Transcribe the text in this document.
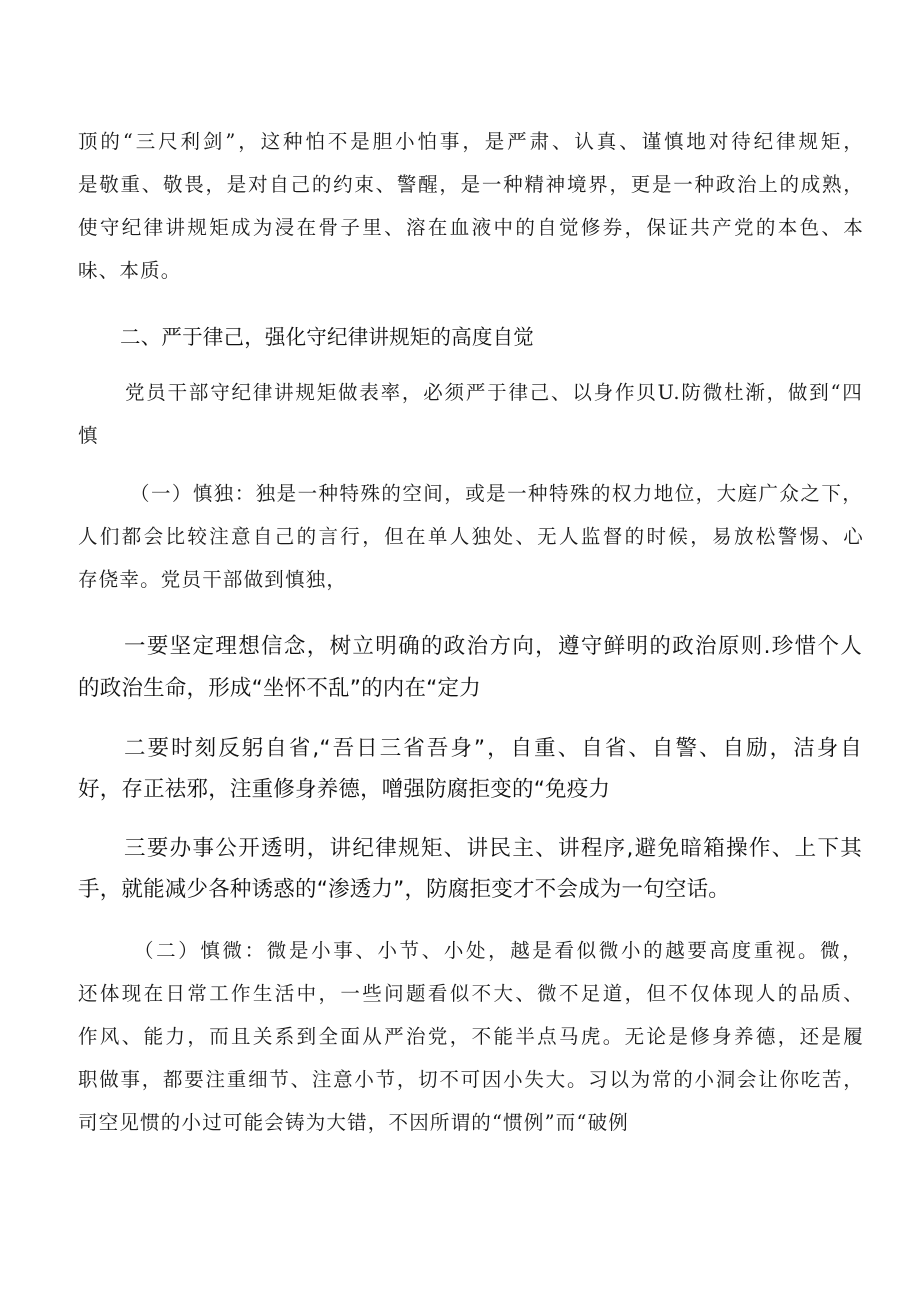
顶的“三尺利剑”，这种怕不是胆小怕事，是严肃、认真、谨慎地对待纪律规矩，
是敬重、敬畏，是对自己的约束、警醒，是一种精神境界，更是一种政治上的成熟，
使守纪律讲规矩成为浸在骨子里、溶在血液中的自觉修券，保证共产党的本色、本
味、本质。
二、严于律己，强化守纪律讲规矩的高度自觉
党员干部守纪律讲规矩做表率，必须严于律己、以身作贝U.防微杜渐，做到“四
慎
（一）慎独：独是一种特殊的空间，或是一种特殊的权力地位，大庭广众之下，
人们都会比较注意自己的言行，但在单人独处、无人监督的时候，易放松警惕、心
存侥幸。党员干部做到慎独，
一要坚定理想信念，树立明确的政治方向，遵守鲜明的政治原则.珍惜个人
的政治生命，形成“坐怀不乱”的内在“定力
二要时刻反躬自省,“吾日三省吾身”，自重、自省、自警、自励，洁身自
好，存正祛邪，注重修身养德，噌强防腐拒变的“免疫力
三要办事公开透明，讲纪律规矩、讲民主、讲程序,避免暗箱操作、上下其
手，就能减少各种诱惑的“渗透力”，防腐拒变才不会成为一句空话。
（二）慎微：微是小事、小节、小处，越是看似微小的越要高度重视。微，
还体现在日常工作生活中，一些问题看似不大、微不足道，但不仅体现人的品质、
作风、能力，而且关系到全面从严治党，不能半点马虎。无论是修身养德，还是履
职做事，都要注重细节、注意小节，切不可因小失大。习以为常的小洞会让你吃苦，
司空见惯的小过可能会铸为大错，不因所谓的“惯例”而“破例
